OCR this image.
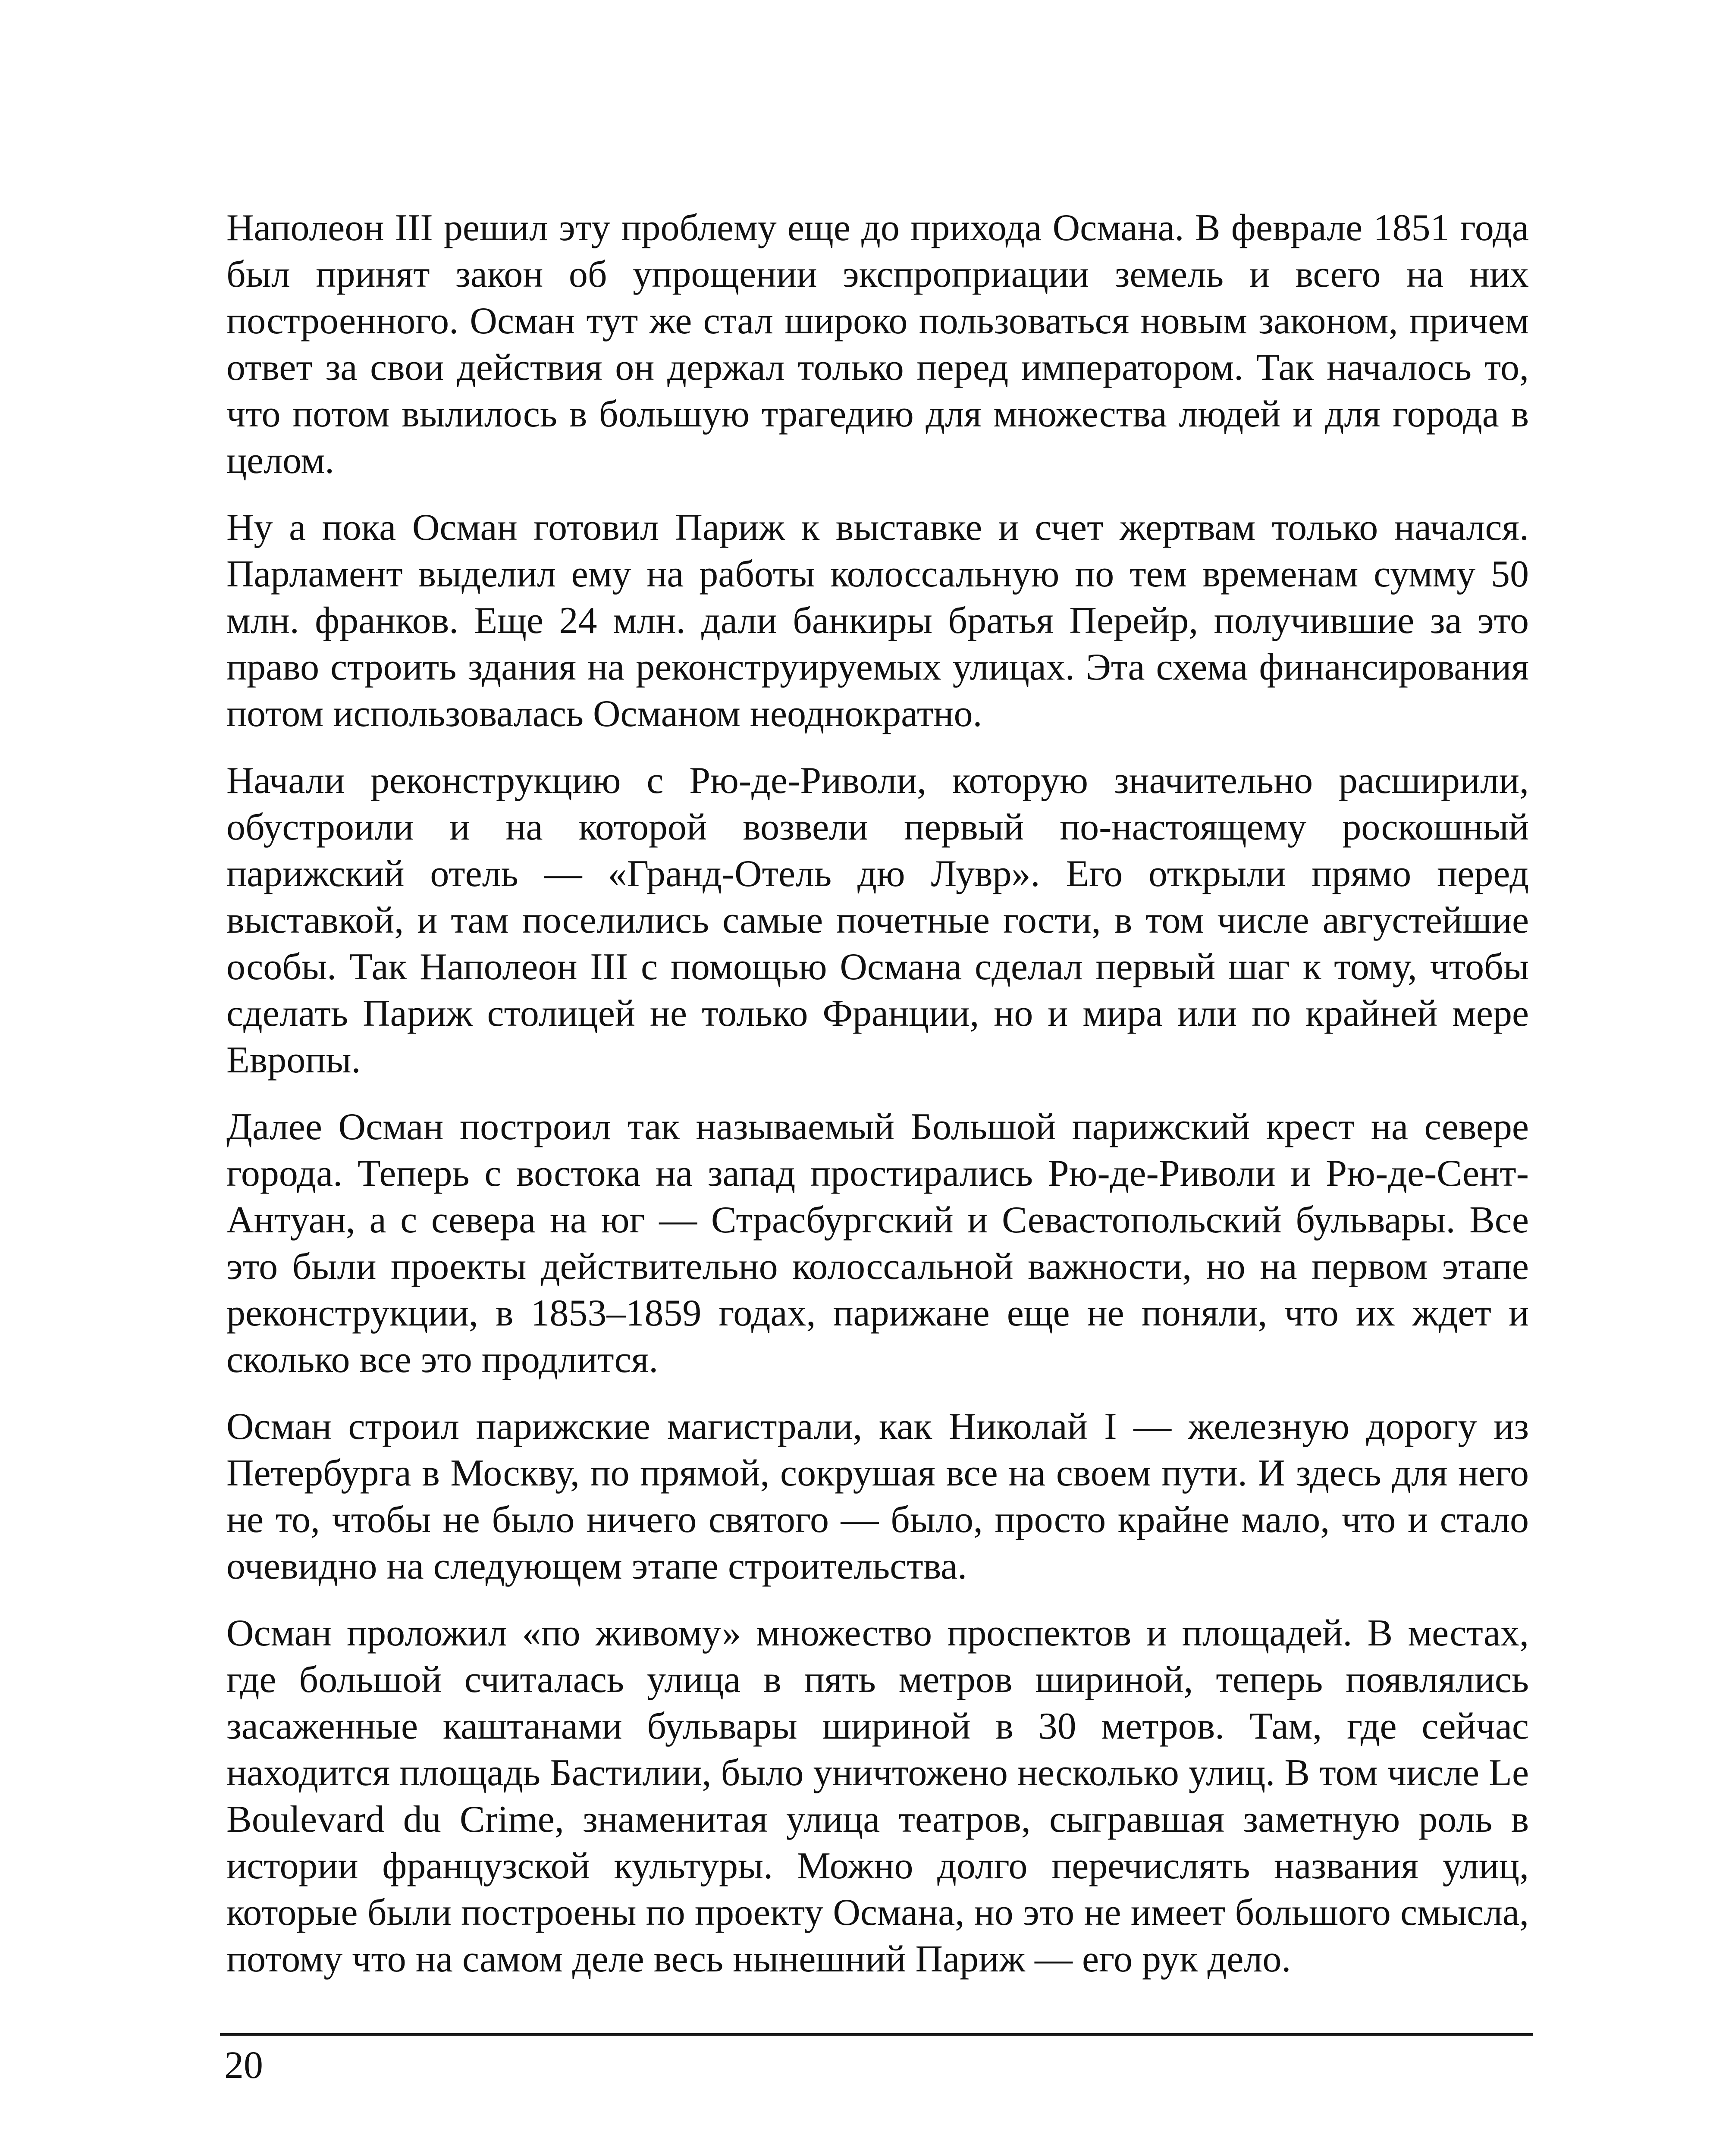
Наполеон III решил эту проблему еще до прихода Османа. В феврале 1851 года был принят закон об упрощении экспроприации земель и всего на них построенного. Осман тут же стал широко пользоваться новым законом, причем ответ за свои действия он держал только перед императором. Так началось то, что потом вылилось в большую трагедию для множества людей и для города в целом.

Ну а пока Осман готовил Париж к выставке и счет жертвам только начался. Парламент выделил ему на работы колоссальную по тем временам сумму 50 млн. франков. Еще 24 млн. дали банкиры братья Перейр, получившие за это право строить здания на реконструируемых улицах. Эта схема финансирования потом использовалась Османом неоднократно.

Начали реконструкцию с Рю-де-Риволи, которую значительно расширили, обустроили и на которой возвели первый по-настоящему роскошный парижский отель — «Гранд-Отель дю Лувр». Его открыли прямо перед выставкой, и там поселились самые почетные гости, в том числе августейшие особы. Так Наполеон III с помощью Османа сделал первый шаг к тому, чтобы сделать Париж столицей не только Франции, но и мира или по крайней мере Европы.

Далее Осман построил так называемый Большой парижский крест на севере города. Теперь с востока на запад простирались Рю-де-Риволи и Рю-де-Сент-Антуан, а с севера на юг — Страсбургский и Севастопольский бульвары. Все это были проекты действительно колоссальной важности, но на первом этапе реконструкции, в 1853–1859 годах, парижане еще не поняли, что их ждет и сколько все это продлится.

Осман строил парижские магистрали, как Николай I — железную дорогу из Петербурга в Москву, по прямой, сокрушая все на своем пути. И здесь для него не то, чтобы не было ничего святого — было, просто крайне мало, что и стало очевидно на следующем этапе строительства.

Осман проложил «по живому» множество проспектов и площадей. В местах, где большой считалась улица в пять метров шириной, теперь появлялись засаженные каштанами бульвары шириной в 30 метров. Там, где сейчас находится площадь Бастилии, было уничтожено несколько улиц. В том числе Le Boulevard du Crime, знаменитая улица театров, сыгравшая заметную роль в истории французской культуры. Можно долго перечислять названия улиц, которые были построены по проекту Османа, но это не имеет большого смысла, потому что на самом деле весь нынешний Париж — его рук дело.

20
